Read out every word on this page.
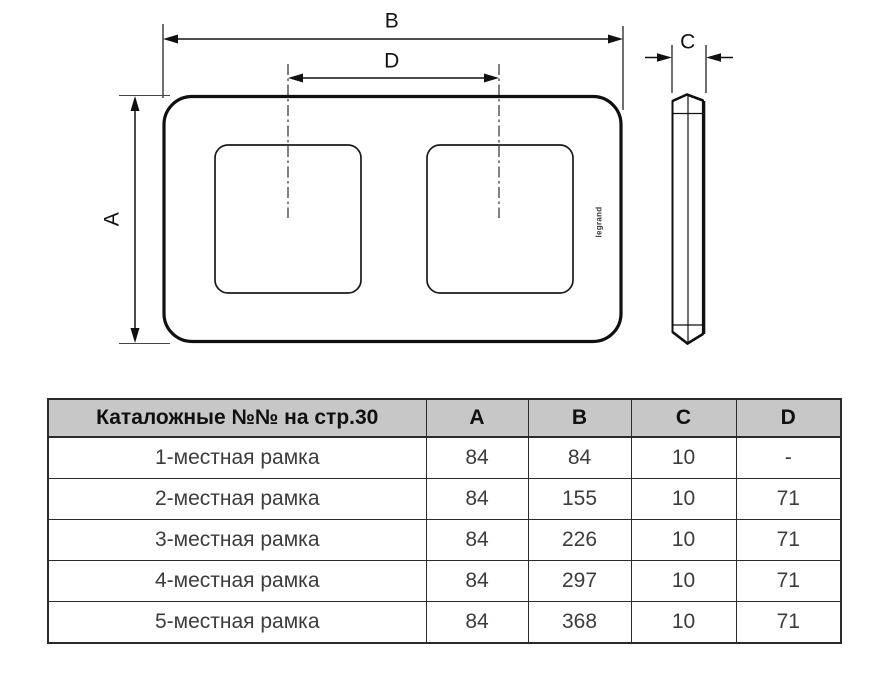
B
D
A
C
legrand
Каталожные №№ на стр.30	A	B	C	D
1-местная рамка	84	84	10	-
2-местная рамка	84	155	10	71
3-местная рамка	84	226	10	71
4-местная рамка	84	297	10	71
5-местная рамка	84	368	10	71
